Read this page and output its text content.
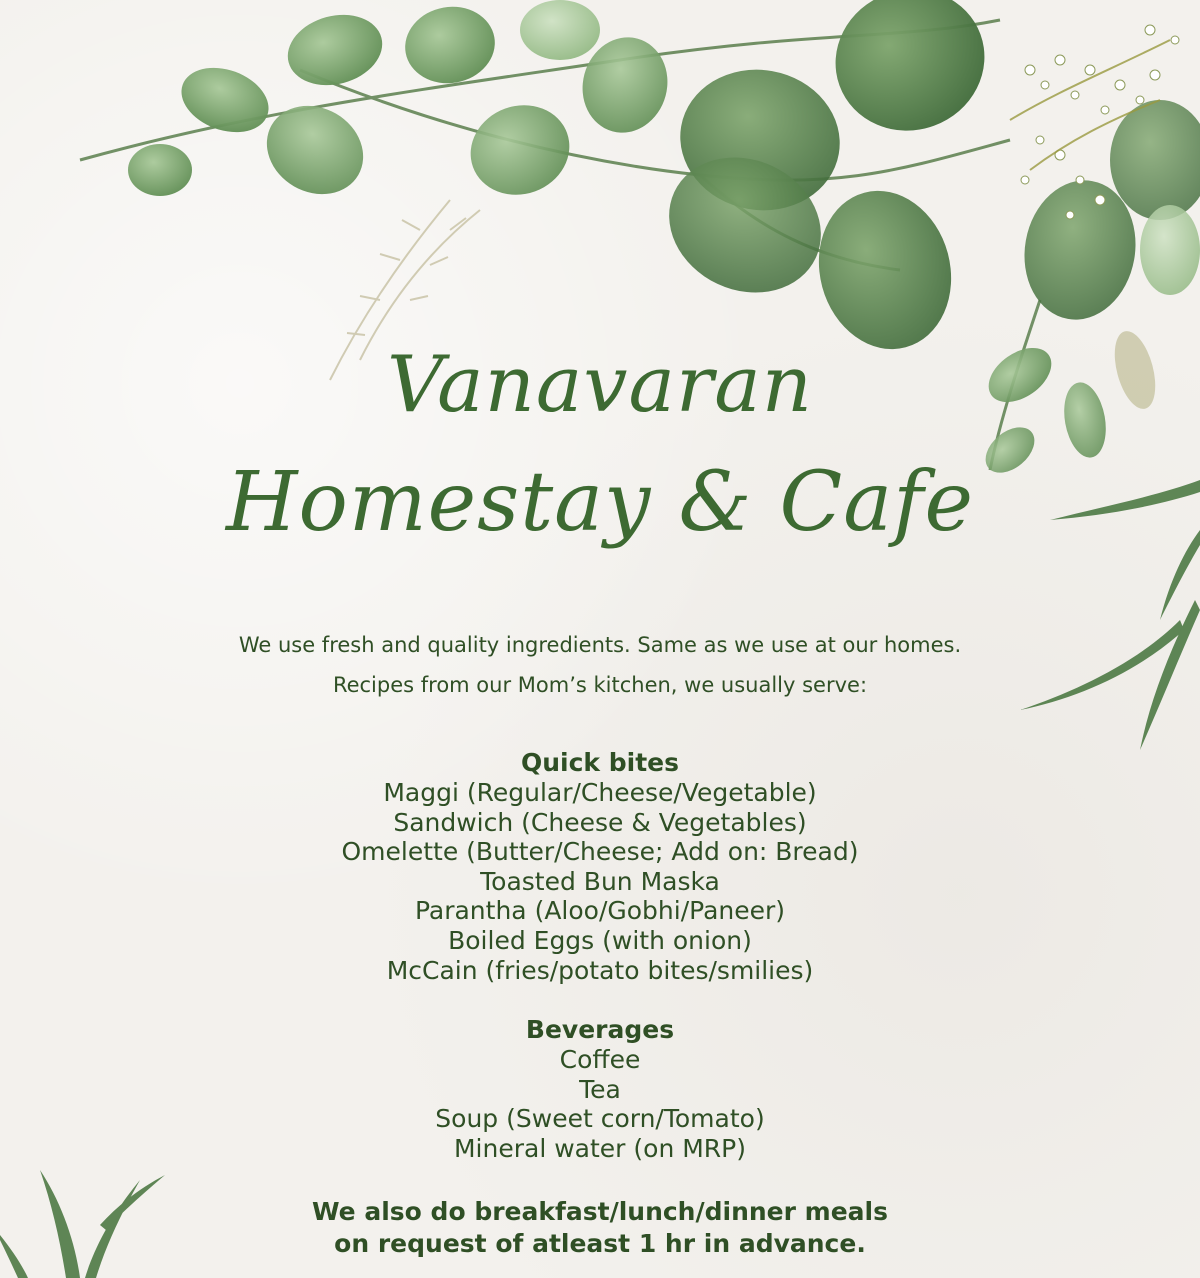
Vanavaran
Homestay & Cafe

We use fresh and quality ingredients. Same as we use at our homes.

Recipes from our Mom’s kitchen, we usually serve:

Quick bites

Maggi (Regular/Cheese/Vegetable)

Sandwich (Cheese & Vegetables)

Omelette (Butter/Cheese; Add on: Bread)

Toasted Bun Maska

Parantha (Aloo/Gobhi/Paneer)

Boiled Eggs (with onion)

McCain (fries/potato bites/smilies)

Beverages

Coffee

Tea

Soup (Sweet corn/Tomato)

Mineral water (on MRP)

We also do breakfast/lunch/dinner meals

on request of atleast 1 hr in advance.
